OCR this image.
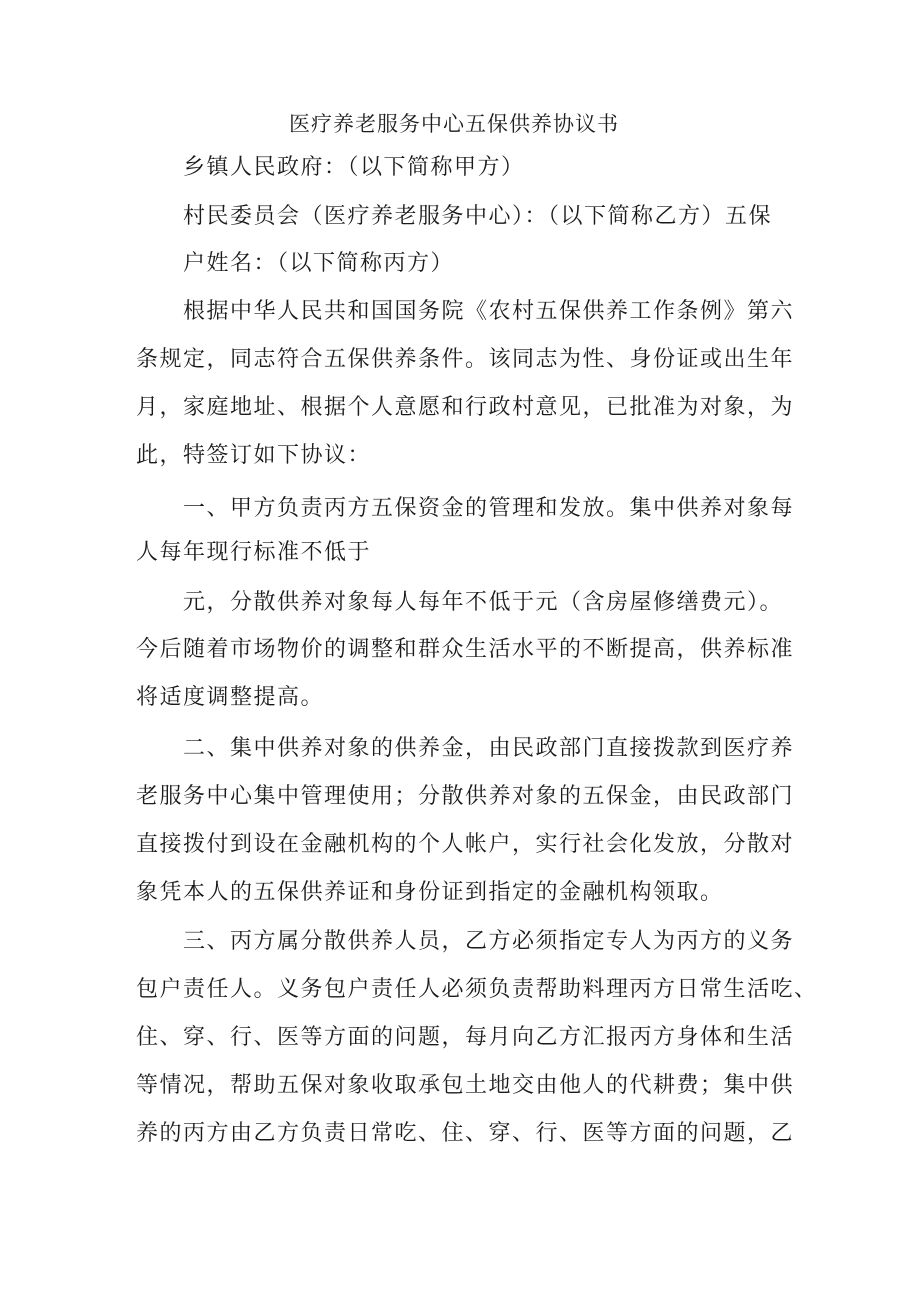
医疗养老服务中心五保供养协议书

乡镇人民政府：（以下简称甲方）

村民委员会（医疗养老服务中心）：（以下简称乙方）五保

户姓名：（以下简称丙方）

根据中华人民共和国国务院《农村五保供养工作条例》第六

条规定，同志符合五保供养条件。该同志为性、身份证或出生年

月，家庭地址、根据个人意愿和行政村意见，已批准为对象，为

此，特签订如下协议：

一、甲方负责丙方五保资金的管理和发放。集中供养对象每

人每年现行标准不低于

元，分散供养对象每人每年不低于元（含房屋修缮费元）。

今后随着市场物价的调整和群众生活水平的不断提高，供养标准

将适度调整提高。

二、集中供养对象的供养金，由民政部门直接拨款到医疗养

老服务中心集中管理使用；分散供养对象的五保金，由民政部门

直接拨付到设在金融机构的个人帐户，实行社会化发放，分散对

象凭本人的五保供养证和身份证到指定的金融机构领取。

三、丙方属分散供养人员，乙方必须指定专人为丙方的义务

包户责任人。义务包户责任人必须负责帮助料理丙方日常生活吃、

住、穿、行、医等方面的问题，每月向乙方汇报丙方身体和生活

等情况，帮助五保对象收取承包土地交由他人的代耕费；集中供

养的丙方由乙方负责日常吃、住、穿、行、医等方面的问题，乙
